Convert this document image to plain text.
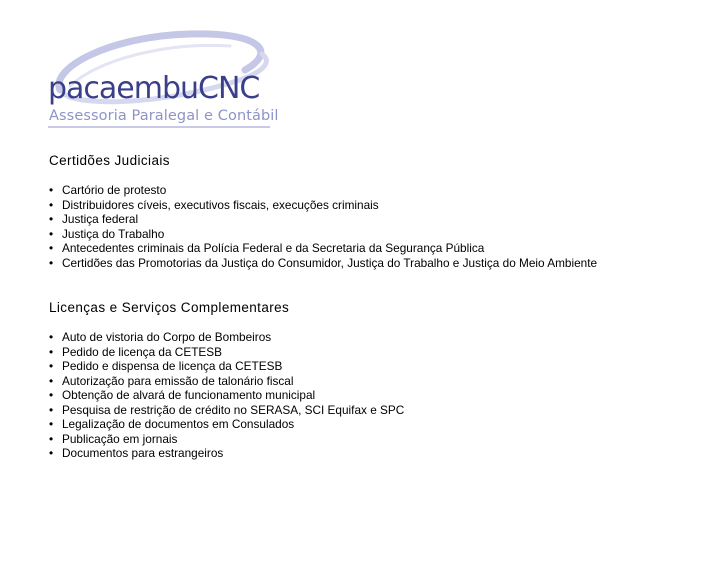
pacaembuCNC
Assessoria Paralegal e Contábil
Certidões Judiciais
• Cartório de protesto
• Distribuidores cíveis, executivos fiscais, execuções criminais
• Justiça federal
• Justiça do Trabalho
• Antecedentes criminais da Polícia Federal e da Secretaria da Segurança Pública
• Certidões das Promotorias da Justiça do Consumidor, Justiça do Trabalho e Justiça do Meio Ambiente
Licenças e Serviços Complementares
• Auto de vistoria do Corpo de Bombeiros
• Pedido de licença da CETESB
• Pedido e dispensa de licença da CETESB
• Autorização para emissão de talonário fiscal
• Obtenção de alvará de funcionamento municipal
• Pesquisa de restrição de crédito no SERASA, SCI Equifax e SPC
• Legalização de documentos em Consulados
• Publicação em jornais
• Documentos para estrangeiros
